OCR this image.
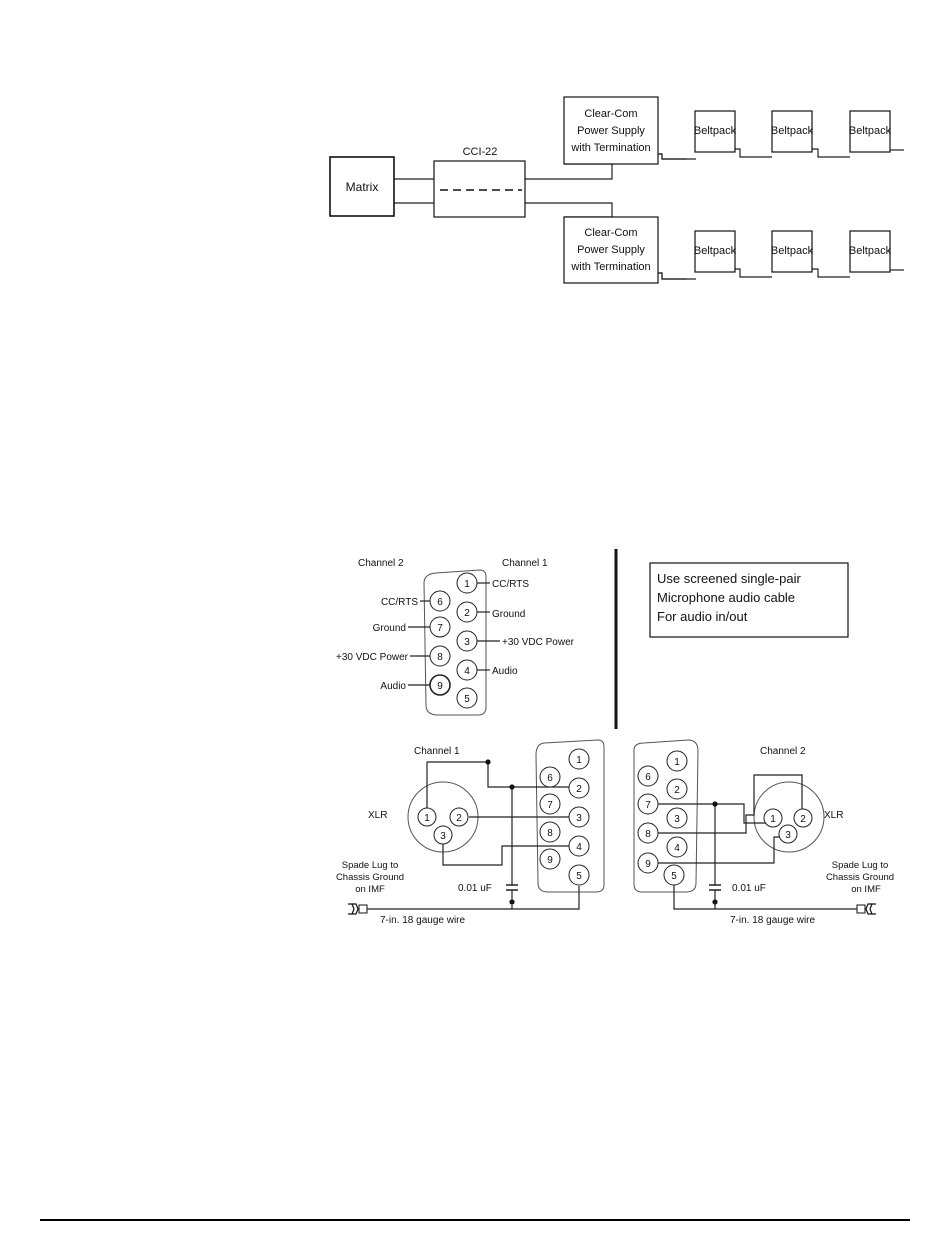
Matrix
CCI-22
Clear-Com
Power Supply
with Termination
Clear-Com
Power Supply
with Termination
Beltpack	Beltpack	Beltpack
Beltpack	Beltpack	Beltpack
Channel 2	Channel 1
1
2
3
4
5
6
7
8
9
CC/RTS
Ground
+30 VDC Power
Audio
CC/RTS
Ground
+30 VDC Power
Audio
Use screened single-pair
Microphone audio cable
For audio in/out
Channel 1
XLR	1	2
3
1
2
3
4
5
6
7
8
9
Spade Lug to
Chassis Ground
on IMF	0.01 uF
7-in. 18 gauge wire
Channel 2
XLR
1 2
3
1
2
3
4
5
6
7
8
9	Spade Lug to
Chassis Ground
on IMF
0.01 uF
7-in. 18 gauge wire
